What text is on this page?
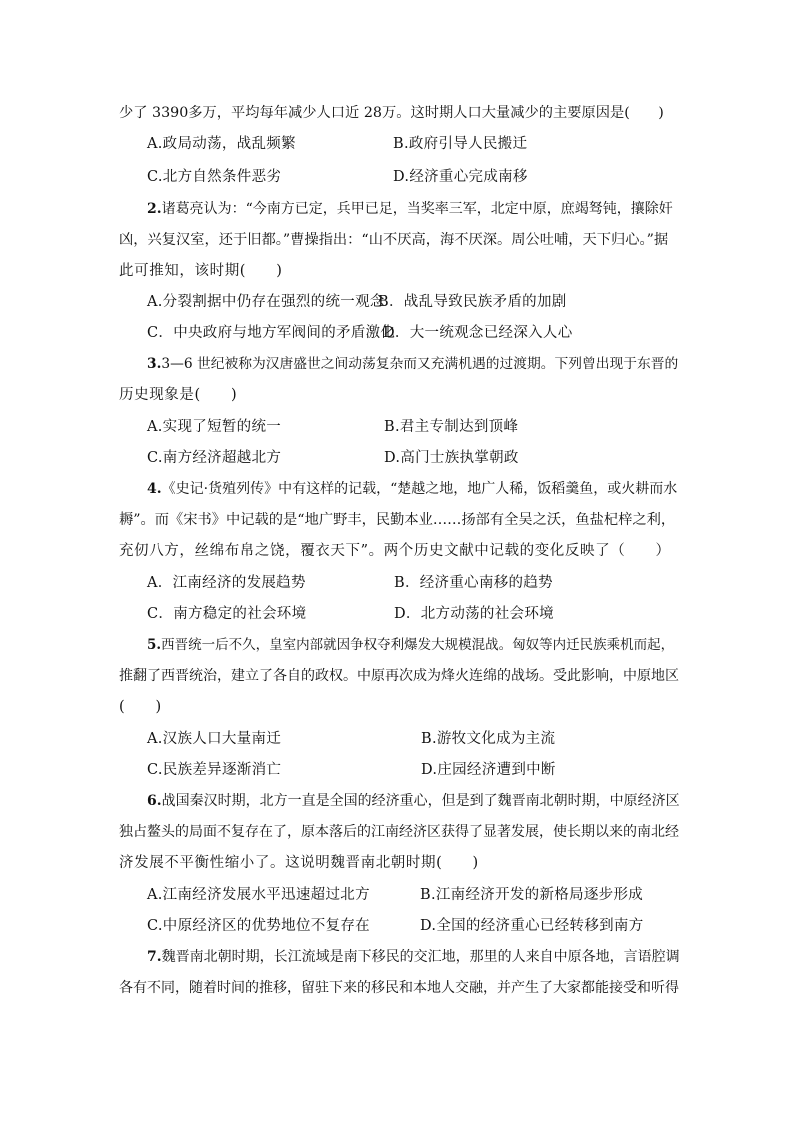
少了 3390多万，平均每年减少人口近 28万。这时期人口大量减少的主要原因是(　　)
A.政局动荡，战乱频繁	B.政府引导人民搬迁
C.北方自然条件恶劣	D.经济重心完成南移
2.诸葛亮认为：“今南方已定，兵甲已足，当奖率三军，北定中原，庶竭驽钝，攘除奸
凶，兴复汉室，还于旧都。”曹操指出：“山不厌高，海不厌深。周公吐哺，天下归心。”据
此可推知，该时期(　　)
A.分裂割据中仍存在强烈的统一观念
B．战乱导致民族矛盾的加剧
C．中央政府与地方军阀间的矛盾激化
D．大一统观念已经深入人心
3.3—6 世纪被称为汉唐盛世之间动荡复杂而又充满机遇的过渡期。下列曾出现于东晋的
历史现象是(　　)
A.实现了短暂的统一	B.君主专制达到顶峰
C.南方经济超越北方	D.高门士族执掌朝政
4.《史记·货殖列传》中有这样的记载，“楚越之地，地广人稀，饭稻羹鱼，或火耕而水
耨”。而《宋书》中记载的是“地广野丰，民勤本业……扬部有全吴之沃，鱼盐杞梓之利，
充仞八方，丝绵布帛之饶，覆衣天下”。两个历史文献中记载的变化反映了（　　）
A．江南经济的发展趋势	B．经济重心南移的趋势
C．南方稳定的社会环境	D．北方动荡的社会环境
5.西晋统一后不久，皇室内部就因争权夺利爆发大规模混战。匈奴等内迁民族乘机而起，
推翻了西晋统治，建立了各自的政权。中原再次成为烽火连绵的战场。受此影响，中原地区
(　　)
A.汉族人口大量南迁	B.游牧文化成为主流
C.民族差异逐渐消亡	D.庄园经济遭到中断
6.战国秦汉时期，北方一直是全国的经济重心，但是到了魏晋南北朝时期，中原经济区
独占鳌头的局面不复存在了，原本落后的江南经济区获得了显著发展，使长期以来的南北经
济发展不平衡性缩小了。这说明魏晋南北朝时期(　　)
A.江南经济发展水平迅速超过北方	B.江南经济开发的新格局逐步形成
C.中原经济区的优势地位不复存在	D.全国的经济重心已经转移到南方
7.魏晋南北朝时期，长江流域是南下移民的交汇地，那里的人来自中原各地，言语腔调
各有不同，随着时间的推移，留驻下来的移民和本地人交融，并产生了大家都能接受和听得
